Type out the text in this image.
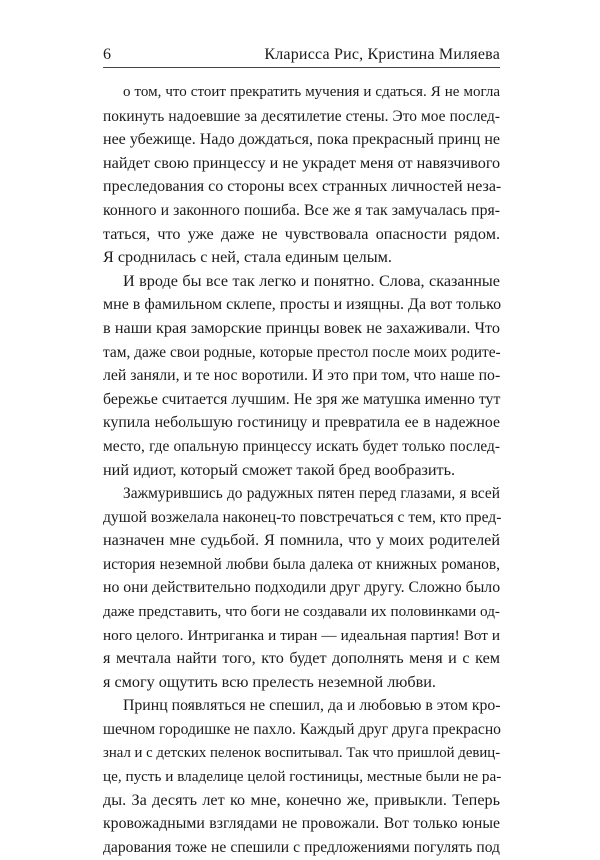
6	Кларисса Рис, Кристина Миляева
о том, что стоит прекратить мучения и сдаться. Я не могла
покинуть надоевшие за десятилетие стены. Это мое послед-
нее убежище. Надо дождаться, пока прекрасный принц не
найдет свою принцессу и не украдет меня от навязчивого
преследования со стороны всех странных личностей неза-
конного и законного пошиба. Все же я так замучалась пря-
таться, что уже даже не чувствовала опасности рядом.
Я сроднилась с ней, стала единым целым.
И вроде бы все так легко и понятно. Слова, сказанные
мне в фамильном склепе, просты и изящны. Да вот только
в наши края заморские принцы вовек не захаживали. Что
там, даже свои родные, которые престол после моих родите-
лей заняли, и те нос воротили. И это при том, что наше по-
бережье считается лучшим. Не зря же матушка именно тут
купила небольшую гостиницу и превратила ее в надежное
место, где опальную принцессу искать будет только послед-
ний идиот, который сможет такой бред вообразить.
Зажмурившись до радужных пятен перед глазами, я всей
душой возжелала наконец-то повстречаться с тем, кто пред-
назначен мне судьбой. Я помнила, что у моих родителей
история неземной любви была далека от книжных романов,
но они действительно подходили друг другу. Сложно было
даже представить, что боги не создавали их половинками од-
ного целого. Интриганка и тиран — идеальная партия! Вот и
я мечтала найти того, кто будет дополнять меня и с кем
я смогу ощутить всю прелесть неземной любви.
Принц появляться не спешил, да и любовью в этом кро-
шечном городишке не пахло. Каждый друг друга прекрасно
знал и с детских пеленок воспитывал. Так что пришлой девиц-
це, пусть и владелице целой гостиницы, местные были не ра-
ды. За десять лет ко мне, конечно же, привыкли. Теперь
кровожадными взглядами не провожали. Вот только юные
дарования тоже не спешили с предложениями погулять под
